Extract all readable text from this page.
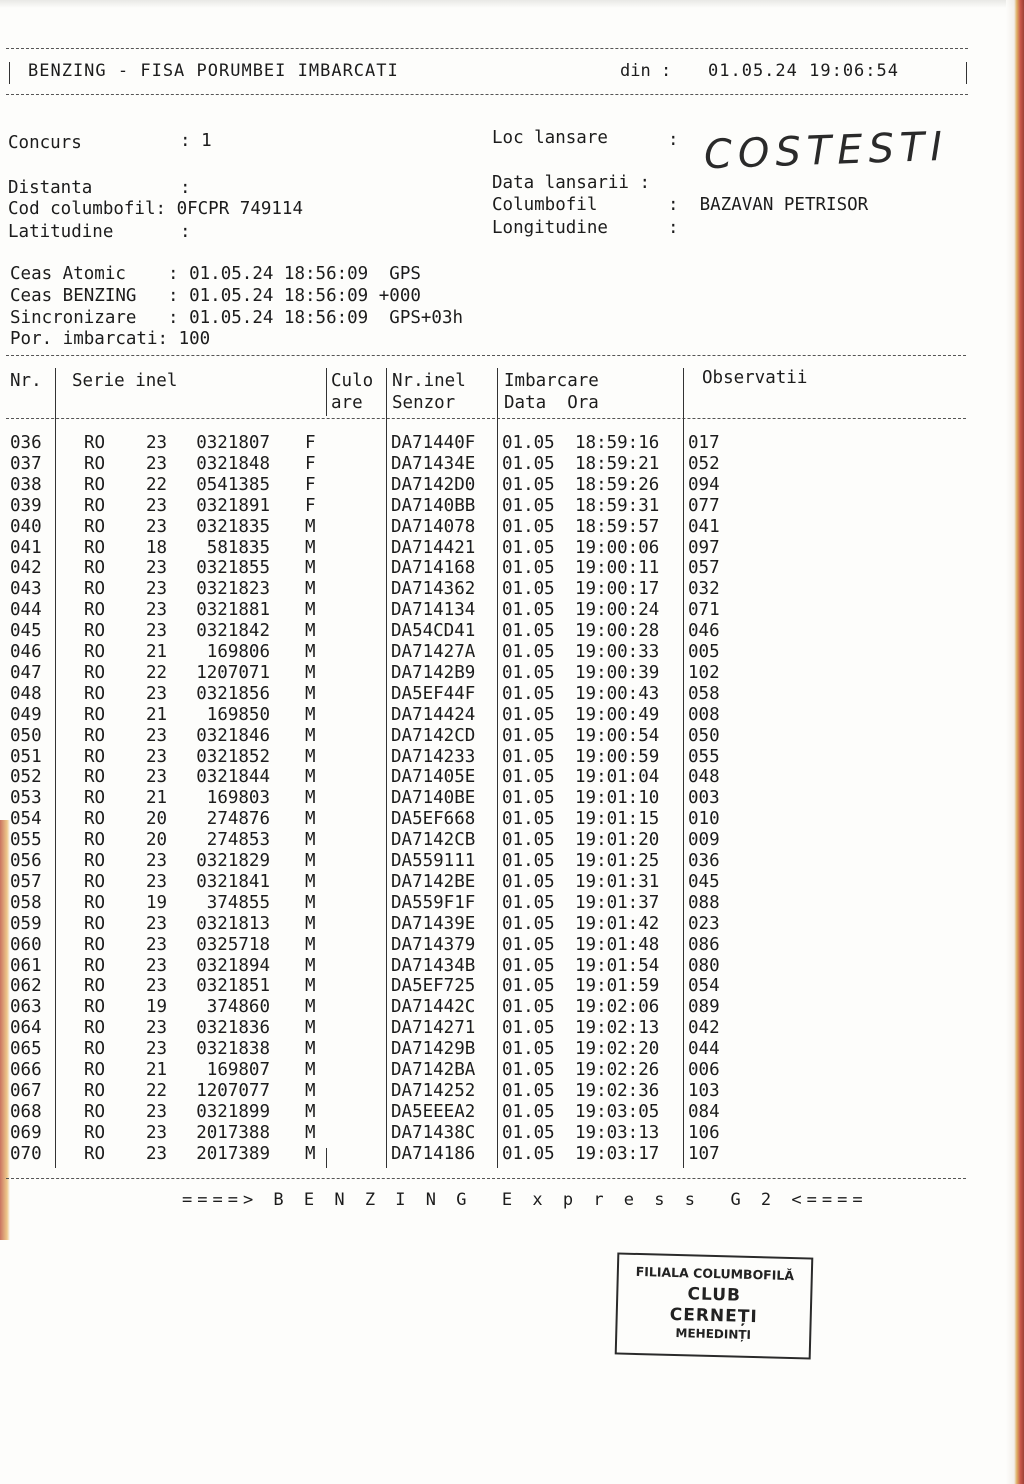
BENZING - FISA PORUMBEI IMBARCATI	din : 01.05.24 19:06:54
Concurs	: 1	Loc lansare	: COSTESTI
Distanta	:	Data lansarii :
Cod columbofil: 0FCPR 749114	Columbofil	:  BAZAVAN PETRISOR
Latitudine	:	Longitudine	:
Ceas Atomic    : 01.05.24 18:56:09  GPS
Ceas BENZING   : 01.05.24 18:56:09 +000
Sincronizare   : 01.05.24 18:56:09  GPS+03h
Por. imbarcati: 100
Nr. Serie inel	Culo
are
Nr.inel
Senzor
Imbarcare
Data  Ora
Observatii
036 RO 23	0321807 F	DA71440F 01.05 18:59:16 017
037 RO 23	0321848 F	DA71434E 01.05 18:59:21 052
038 RO 22	0541385 F	DA7142D0 01.05 18:59:26 094
039 RO 23	0321891 F	DA7140BB 01.05 18:59:31 077
040 RO 23	0321835 M	DA714078 01.05 18:59:57 041
041 RO 18	581835 M	DA714421 01.05 19:00:06 097
042 RO 23	0321855 M	DA714168 01.05 19:00:11 057
043 RO 23	0321823 M	DA714362 01.05 19:00:17 032
044 RO 23	0321881 M	DA714134 01.05 19:00:24 071
045 RO 23	0321842 M	DA54CD41 01.05 19:00:28 046
046 RO 21	169806 M	DA71427A 01.05 19:00:33 005
047 RO 22	1207071 M	DA7142B9 01.05 19:00:39 102
048 RO 23	0321856 M	DA5EF44F 01.05 19:00:43 058
049 RO 21	169850 M	DA714424 01.05 19:00:49 008
050 RO 23	0321846 M	DA7142CD 01.05 19:00:54 050
051 RO 23	0321852 M	DA714233 01.05 19:00:59 055
052 RO 23	0321844 M	DA71405E 01.05 19:01:04 048
053 RO 21	169803 M	DA7140BE 01.05 19:01:10 003
054 RO 20	274876 M	DA5EF668 01.05 19:01:15 010
055 RO 20	274853 M	DA7142CB 01.05 19:01:20 009
056 RO 23	0321829 M	DA559111 01.05 19:01:25 036
057 RO 23	0321841 M	DA7142BE 01.05 19:01:31 045
058 RO 19	374855 M	DA559F1F 01.05 19:01:37 088
059 RO 23	0321813 M	DA71439E 01.05 19:01:42 023
060 RO 23	0325718 M	DA714379 01.05 19:01:48 086
061 RO 23	0321894 M	DA71434B 01.05 19:01:54 080
062 RO 23	0321851 M	DA5EF725 01.05 19:01:59 054
063 RO 19	374860 M	DA71442C 01.05 19:02:06 089
064 RO 23	0321836 M	DA714271 01.05 19:02:13 042
065 RO 23	0321838 M	DA71429B 01.05 19:02:20 044
066 RO 21	169807 M	DA7142BA 01.05 19:02:26 006
067 RO 22	1207077 M	DA714252 01.05 19:02:36 103
068 RO 23	0321899 M	DA5EEEA2 01.05 19:03:05 084
069 RO 23	2017388 M	DA71438C 01.05 19:03:13 106
070 RO 23	2017389 M	DA714186 01.05 19:03:17 107
====> B E N Z I N G  E x p r e s s  G 2 <====
FILIALA COLUMBOFILĂ
CLUB
CERNEȚI
MEHEDINȚI
